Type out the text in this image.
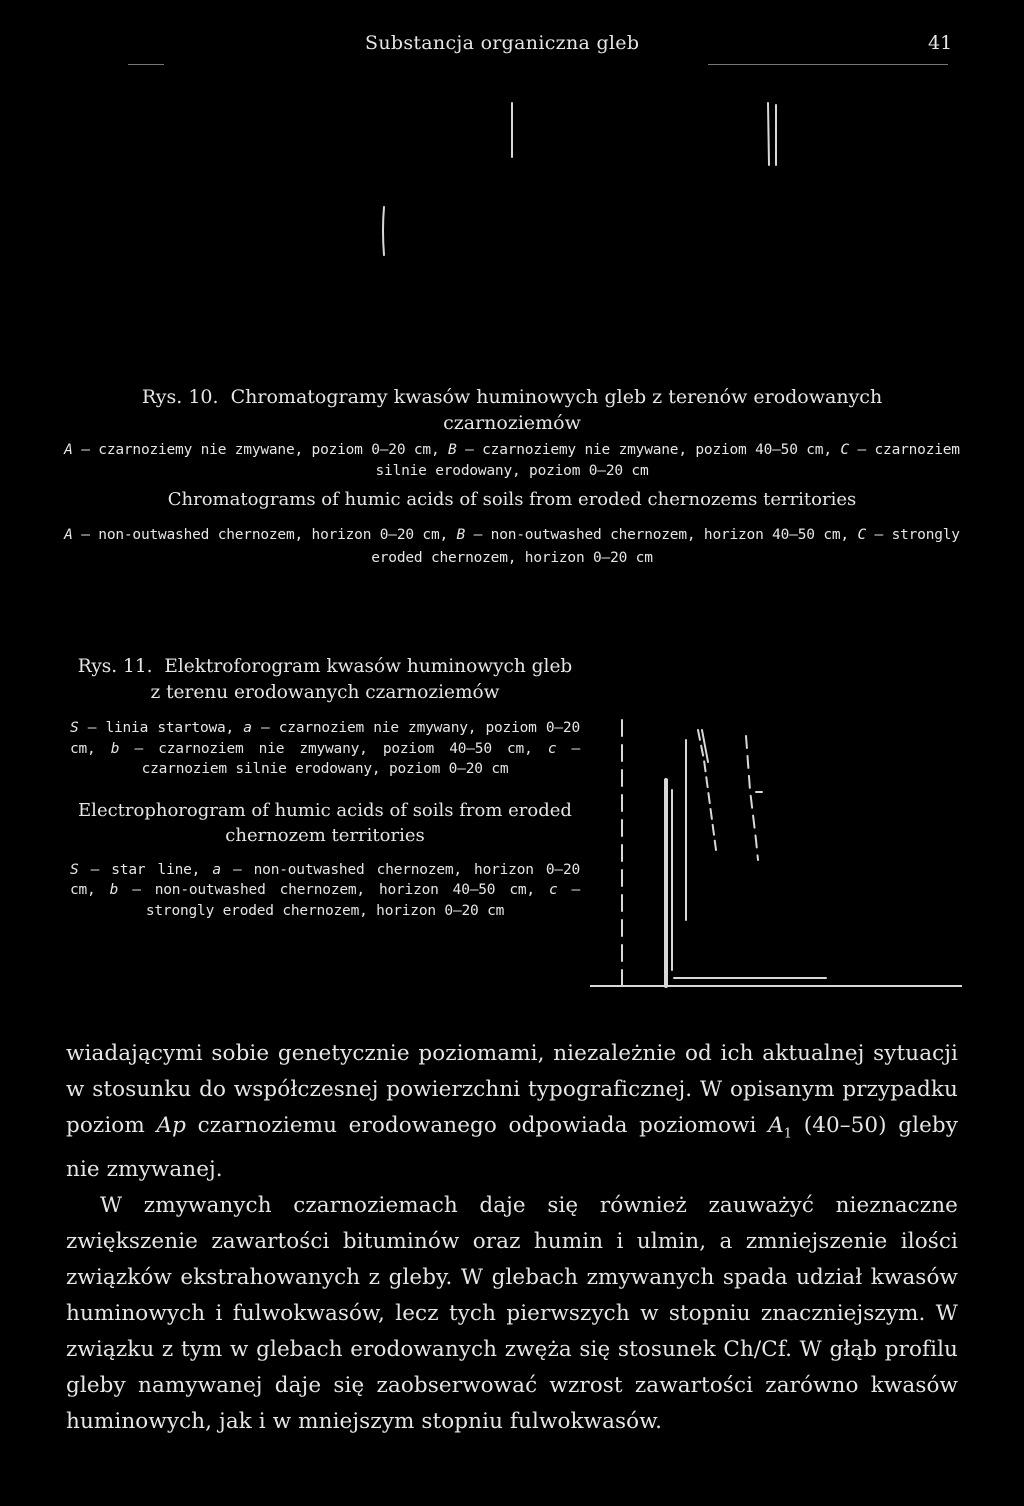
Substancja organiczna gleb	41
Rys. 10. Chromatogramy kwasów huminowych gleb z terenów erodowanych czarnoziemów
A — czarnoziemy nie zmywane, poziom 0–20 cm, B — czarnoziemy nie zmywane, poziom 40–50 cm, C — czarnoziem silnie erodowany, poziom 0–20 cm
Chromatograms of humic acids of soils from eroded chernozems territories
A — non-outwashed chernozem, horizon 0–20 cm, B — non-outwashed chernozem, horizon 40–50 cm, C — strongly eroded chernozem, horizon 0–20 cm

Rys. 11. Elektroforogram kwasów huminowych gleb z terenu erodowanych czarnoziemów

S — linia startowa, a — czarnoziem nie zmywany, poziom 0–20 cm, b — czarnoziem nie zmywany, poziom 40–50 cm, c — czarnoziem silnie erodowany, poziom 0–20 cm

Electrophorogram of humic acids of soils from eroded chernozem territories

S — star line, a — non-outwashed chernozem, horizon 0–20 cm, b — non-outwashed chernozem, horizon 40–50 cm, c — strongly eroded chernozem, horizon 0–20 cm

wiadającymi sobie genetycznie poziomami, niezależnie od ich aktualnej sytuacji w stosunku do współczesnej powierzchni typograficznej. W opisanym przypadku poziom Ap czarnoziemu erodowanego odpowiada poziomowi $A_1$ (40–50) gleby nie zmywanej.

W zmywanych czarnoziemach daje się również zauważyć nieznaczne zwiększenie zawartości bituminów oraz humin i ulmin, a zmniejszenie ilości związków ekstrahowanych z gleby. W glebach zmywanych spada udział kwasów huminowych i fulwokwasów, lecz tych pierwszych w stopniu znaczniejszym. W związku z tym w glebach erodowanych zwęża się stosunek Ch/Cf. W głąb profilu gleby namywanej daje się zaobserwować wzrost zawartości zarówno kwasów huminowych, jak i w mniejszym stopniu fulwokwasów.
